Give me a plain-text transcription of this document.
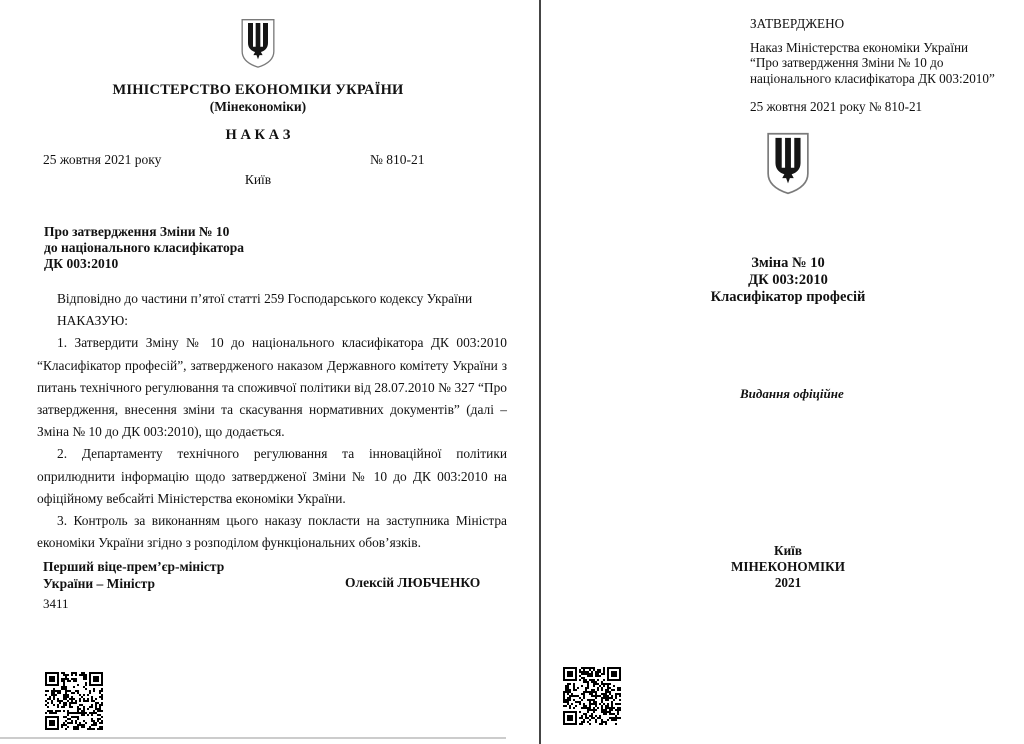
МІНІСТЕРСТВО ЕКОНОМІКИ УКРАЇНИ
(Мінекономіки)
Н А К А З
25 жовтня 2021 року	№ 810-21
Київ
Про затвердження Зміни № 10
до національного класифікатора
ДК 003:2010

Відповідно до частини п’ятої статті 259 Господарського кодексу України

НАКАЗУЮ:

1. Затвердити Зміну № 10 до національного класифікатора ДК 003:2010 “Класифікатор професій”, затвердженого наказом Державного комітету України з питань технічного регулювання та споживчої політики від 28.07.2010 № 327 “Про затвердження, внесення зміни та скасування нормативних документів” (далі – Зміна № 10 до ДК 003:2010), що додається.

2. Департаменту технічного регулювання та інноваційної політики оприлюднити інформацію щодо затвердженої Зміни № 10 до ДК 003:2010 на офіційному вебсайті Міністерства економіки України.

3. Контроль за виконанням цього наказу покласти на заступника Міністра економіки України згідно з розподілом функціональних обов’язків.

Перший віце-прем’єр-міністр
України – Міністр	Олексій ЛЮБЧЕНКО
3411
ЗАТВЕРДЖЕНО
Наказ Міністерства економіки України
“Про затвердження Зміни № 10 до
національного класифікатора ДК 003:2010”
25 жовтня 2021 року № 810-21
Зміна № 10
ДК 003:2010
Класифікатор професій
Видання офіційне
Київ
МІНЕКОНОМІКИ
2021
